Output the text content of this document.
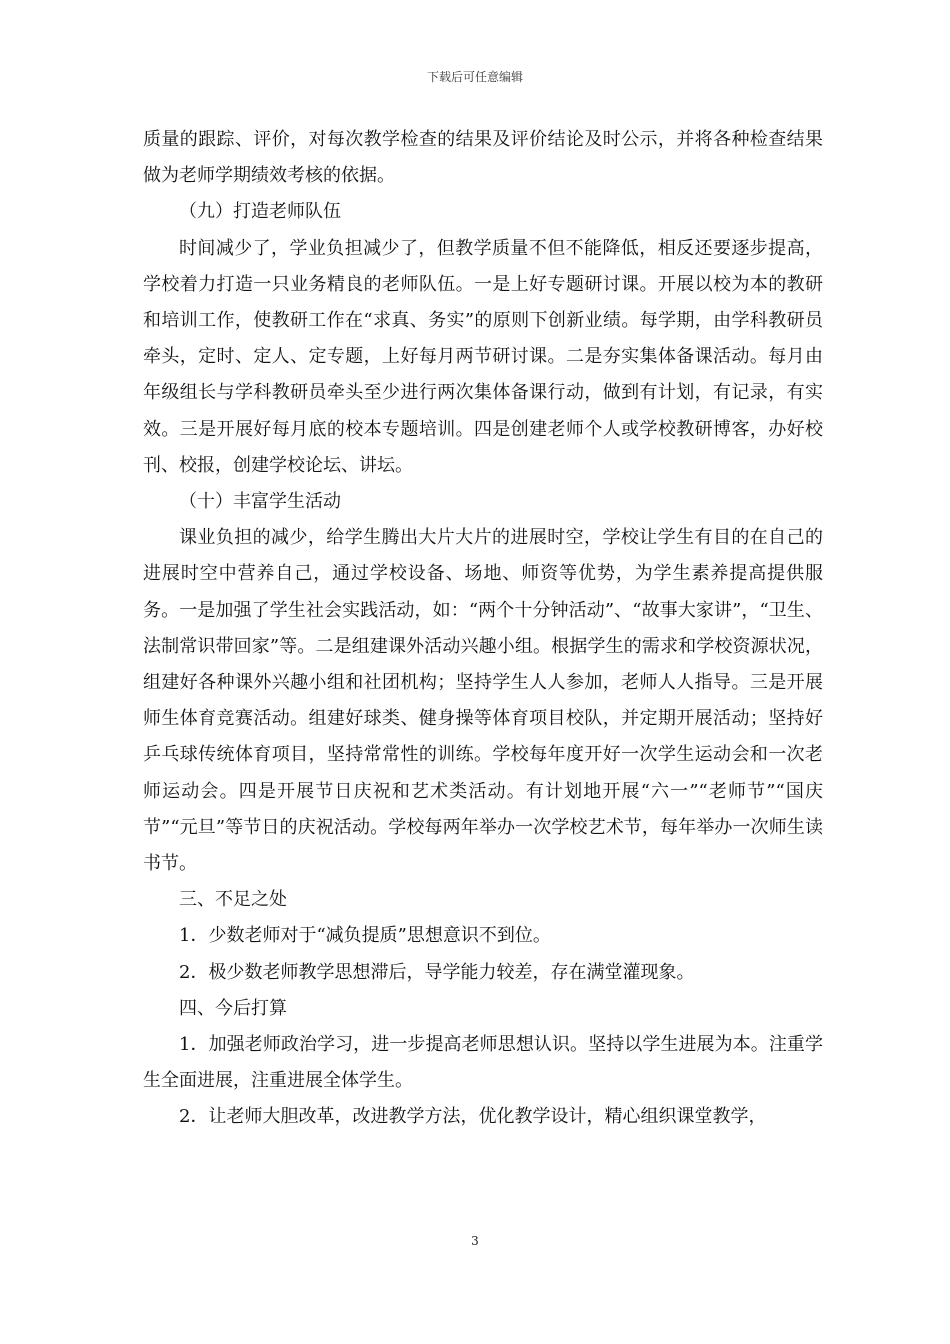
下载后可任意编辑

质量的跟踪、评价，对每次教学检查的结果及评价结论及时公示，并将各种检查结果做为老师学期绩效考核的依据。

（九）打造老师队伍

时间减少了，学业负担减少了，但教学质量不但不能降低，相反还要逐步提高，学校着力打造一只业务精良的老师队伍。一是上好专题研讨课。开展以校为本的教研和培训工作，使教研工作在“求真、务实”的原则下创新业绩。每学期，由学科教研员牵头，定时、定人、定专题，上好每月两节研讨课。二是夯实集体备课活动。每月由年级组长与学科教研员牵头至少进行两次集体备课行动，做到有计划，有记录，有实效。三是开展好每月底的校本专题培训。四是创建老师个人或学校教研博客，办好校刊、校报，创建学校论坛、讲坛。

（十）丰富学生活动

课业负担的减少，给学生腾出大片大片的进展时空，学校让学生有目的在自己的进展时空中营养自己，通过学校设备、场地、师资等优势，为学生素养提高提供服务。一是加强了学生社会实践活动，如：“两个十分钟活动”、“故事大家讲”，“卫生、法制常识带回家”等。二是组建课外活动兴趣小组。根据学生的需求和学校资源状况，组建好各种课外兴趣小组和社团机构；坚持学生人人参加，老师人人指导。三是开展师生体育竞赛活动。组建好球类、健身操等体育项目校队，并定期开展活动；坚持好乒乓球传统体育项目，坚持常常性的训练。学校每年度开好一次学生运动会和一次老师运动会。四是开展节日庆祝和艺术类活动。有计划地开展“六一”“老师节”“国庆节”“元旦”等节日的庆祝活动。学校每两年举办一次学校艺术节，每年举办一次师生读书节。

三、不足之处

1．少数老师对于“减负提质”思想意识不到位。

2．极少数老师教学思想滞后，导学能力较差，存在满堂灌现象。

四、今后打算

1．加强老师政治学习，进一步提高老师思想认识。坚持以学生进展为本。注重学生全面进展，注重进展全体学生。

2．让老师大胆改革，改进教学方法，优化教学设计，精心组织课堂教学，

3
